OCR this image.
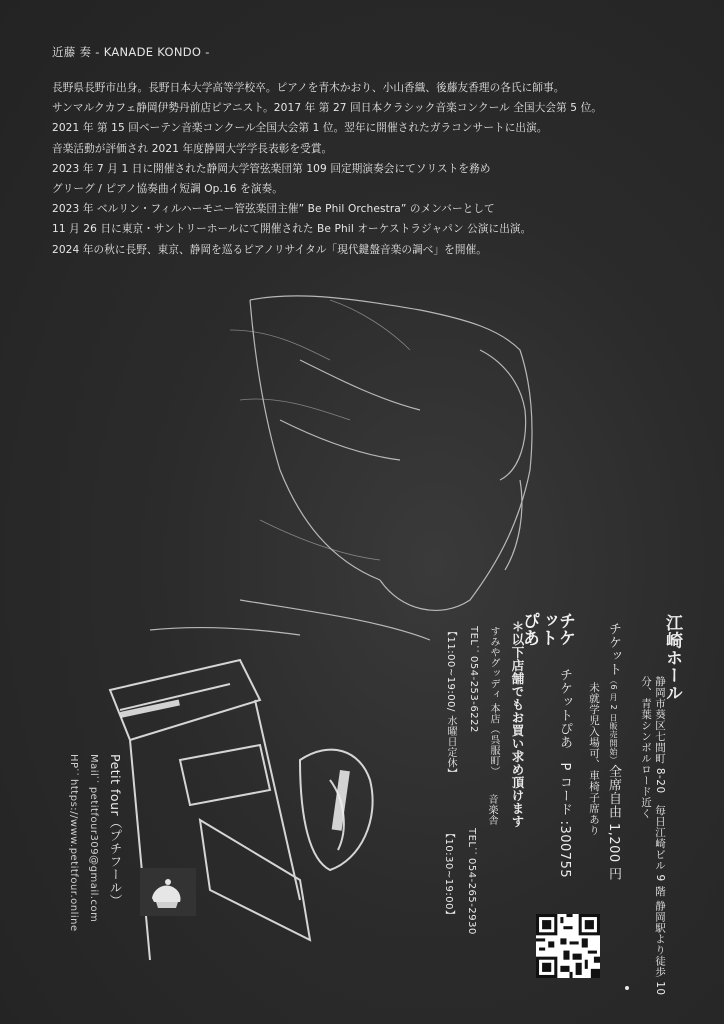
近藤 奏 - KANADE KONDO -
長野県長野市出身。長野日本大学高等学校卒。ピアノを青木かおり、小山香織、後藤友香理の各氏に師事。
サンマルクカフェ静岡伊勢丹前店ピアニスト。2017 年 第 27 回日本クラシック音楽コンクール 全国大会第 5 位。
2021 年 第 15 回ベーテン音楽コンクール全国大会第 1 位。翌年に開催されたガラコンサートに出演。
音楽活動が評価され 2021 年度静岡大学学長表彰を受賞。
2023 年 7 月 1 日に開催された静岡大学管弦楽団第 109 回定期演奏会にてソリストを務め
グリーグ / ピアノ協奏曲イ短調 Op.16 を演奏。
2023 年 ベルリン・フィルハーモニー管弦楽団主催” Be Phil Orchestra” のメンバーとして
11 月 26 日に東京・サントリーホールにて開催された Be Phil オーケストラジャパン 公演に出演。
2024 年の秋に長野、東京、静岡を巡るピアノリサイタル「現代鍵盤音楽の調べ」を開催。
江崎ホール
静岡市葵区七間町 8-20　毎日江崎ビル 9 階 静岡駅より徒歩 10 分、青葉シンボルロード近く
チケット（6 月 2 日販売開始）全席自由 1,200 円
未就学児入場可、車椅子席あり
チケットぴあ
チケットぴあ　P コード :300755
＊以下店舗でもお買い求め頂けます
すみやグッディ 本店（呉服町）
TEL：054-253-6222
【11:00~19:00/ 水曜日定休】
音楽舎
TEL：054-265-2930
【10:30~19:00】
Petit four（プチフール）
Mail：petitfour309@gmail.com
HP：https://www.petitfour.online
